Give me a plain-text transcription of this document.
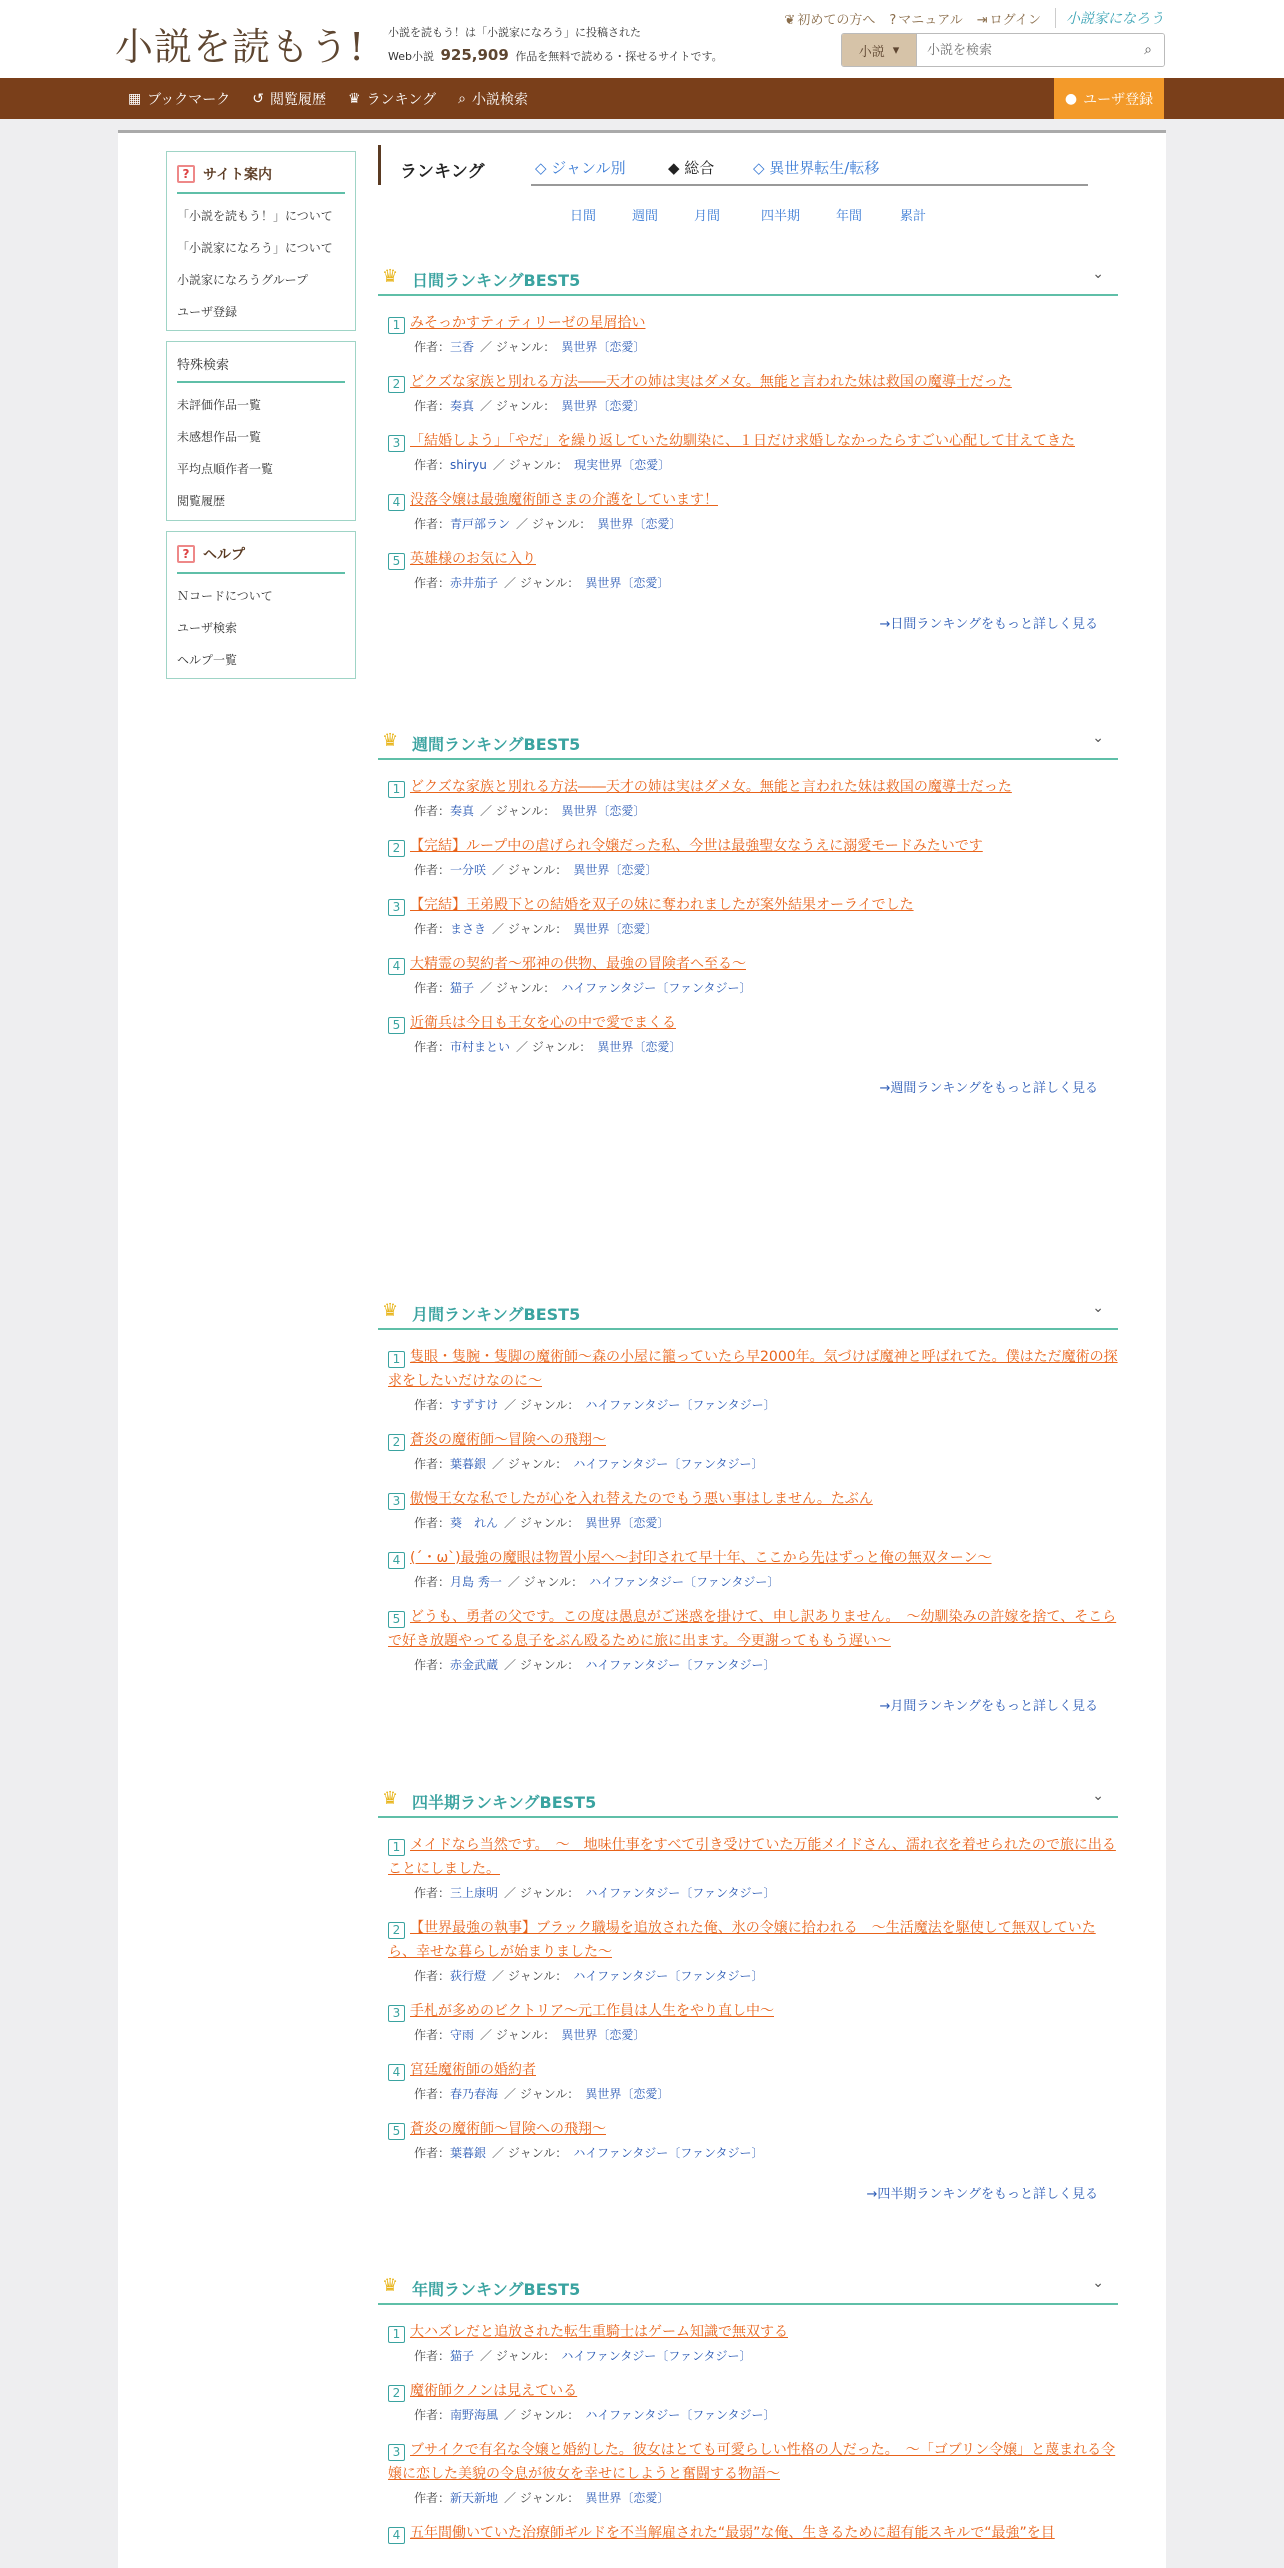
小説を読もう! 小説を読もう！は「小説家になろう」に投稿された
Web小説 925,909 作品を無料で読める・探せるサイトです。
❦ 初めての方へ ? マニュアル ⇥ ログイン	小説家になろう
小説 ▾
小説を検索	⌕
▦ ブックマーク ↺ 閲覧履歴 ♛ ランキング ⌕ 小説検索	● ユーザ登録
? サイト案内
「小説を読もう！」について
「小説家になろう」について
小説家になろうグループ
ユーザ登録
特殊検索
未評価作品一覧
未感想作品一覧
平均点順作者一覧
閲覧履歴
? ヘルプ
Ｎコードについて
ユーザ検索
ヘルプ一覧
ランキング	◇ ジャンル別	◆ 総合	◇ 異世界転生/転移
日間	週間	月間	四半期	年間	累計
♛ 日間ランキングBEST5	⌄
1 みそっかすティティリーゼの星屑拾い
作者：三香 ／ ジャンル： 異世界〔恋愛〕
2 どクズな家族と別れる方法――天才の姉は実はダメ女。無能と言われた妹は救国の魔導士だった
作者：奏真 ／ ジャンル： 異世界〔恋愛〕
3 「結婚しよう」「やだ」を繰り返していた幼馴染に、１日だけ求婚しなかったらすごい心配して甘えてきた
作者：shiryu ／ ジャンル： 現実世界〔恋愛〕
4 没落令嬢は最強魔術師さまの介護をしています！
作者：青戸部ラン ／ ジャンル： 異世界〔恋愛〕
5 英雄様のお気に入り
作者：赤井茄子 ／ ジャンル： 異世界〔恋愛〕
→日間ランキングをもっと詳しく見る
♛ 週間ランキングBEST5	⌄
1 どクズな家族と別れる方法――天才の姉は実はダメ女。無能と言われた妹は救国の魔導士だった
作者：奏真 ／ ジャンル： 異世界〔恋愛〕
2 【完結】ループ中の虐げられ令嬢だった私、今世は最強聖女なうえに溺愛モードみたいです
作者：一分咲 ／ ジャンル： 異世界〔恋愛〕
3 【完結】王弟殿下との結婚を双子の妹に奪われましたが案外結果オーライでした
作者：まさき ／ ジャンル： 異世界〔恋愛〕
4 大精霊の契約者～邪神の供物、最強の冒険者へ至る～
作者：猫子 ／ ジャンル： ハイファンタジー〔ファンタジー〕
5 近衛兵は今日も王女を心の中で愛でまくる
作者：市村まとい ／ ジャンル： 異世界〔恋愛〕
→週間ランキングをもっと詳しく見る
♛ 月間ランキングBEST5	⌄
1 隻眼・隻腕・隻脚の魔術師～森の小屋に籠っていたら早2000年。気づけば魔神と呼ばれてた。僕はただ魔術の探求をしたいだけなのに～
作者：すずすけ ／ ジャンル： ハイファンタジー〔ファンタジー〕
2 蒼炎の魔術師～冒険への飛翔～
作者：葉暮銀 ／ ジャンル： ハイファンタジー〔ファンタジー〕
3 傲慢王女な私でしたが心を入れ替えたのでもう悪い事はしません。たぶん
作者：葵　れん ／ ジャンル： 異世界〔恋愛〕
4 (´・ω`)最強の魔眼は物置小屋へ～封印されて早十年、ここから先はずっと俺の無双ターン～
作者：月島 秀一 ／ ジャンル： ハイファンタジー〔ファンタジー〕
5 どうも、勇者の父です。この度は愚息がご迷惑を掛けて、申し訳ありません。　～幼馴染みの許嫁を捨て、そこらで好き放題やってる息子をぶん殴るために旅に出ます。今更謝ってももう遅い～
作者：赤金武蔵 ／ ジャンル： ハイファンタジー〔ファンタジー〕
→月間ランキングをもっと詳しく見る
♛ 四半期ランキングBEST5	⌄
1 メイドなら当然です。　～　地味仕事をすべて引き受けていた万能メイドさん、濡れ衣を着せられたので旅に出ることにしました。
作者：三上康明 ／ ジャンル： ハイファンタジー〔ファンタジー〕
2 【世界最強の執事】ブラック職場を追放された俺、氷の令嬢に拾われる　～生活魔法を駆使して無双していたら、幸せな暮らしが始まりました～
作者：荻行燈 ／ ジャンル： ハイファンタジー〔ファンタジー〕
3 手札が多めのビクトリア〜元工作員は人生をやり直し中〜
作者：守雨 ／ ジャンル： 異世界〔恋愛〕
4 宮廷魔術師の婚約者
作者：春乃春海 ／ ジャンル： 異世界〔恋愛〕
5 蒼炎の魔術師～冒険への飛翔～
作者：葉暮銀 ／ ジャンル： ハイファンタジー〔ファンタジー〕
→四半期ランキングをもっと詳しく見る
♛ 年間ランキングBEST5	⌄
1 大ハズレだと追放された転生重騎士はゲーム知識で無双する
作者：猫子 ／ ジャンル： ハイファンタジー〔ファンタジー〕
2 魔術師クノンは見えている
作者：南野海風 ／ ジャンル： ハイファンタジー〔ファンタジー〕
3 ブサイクで有名な令嬢と婚約した。彼女はとても可愛らしい性格の人だった。　～「ゴブリン令嬢」と蔑まれる令嬢に恋した美貌の令息が彼女を幸せにしようと奮闘する物語～
作者：新天新地 ／ ジャンル： 異世界〔恋愛〕
4 五年間働いていた治療師ギルドを不当解雇された“最弱”な俺、生きるために超有能スキルで“最強”を目
